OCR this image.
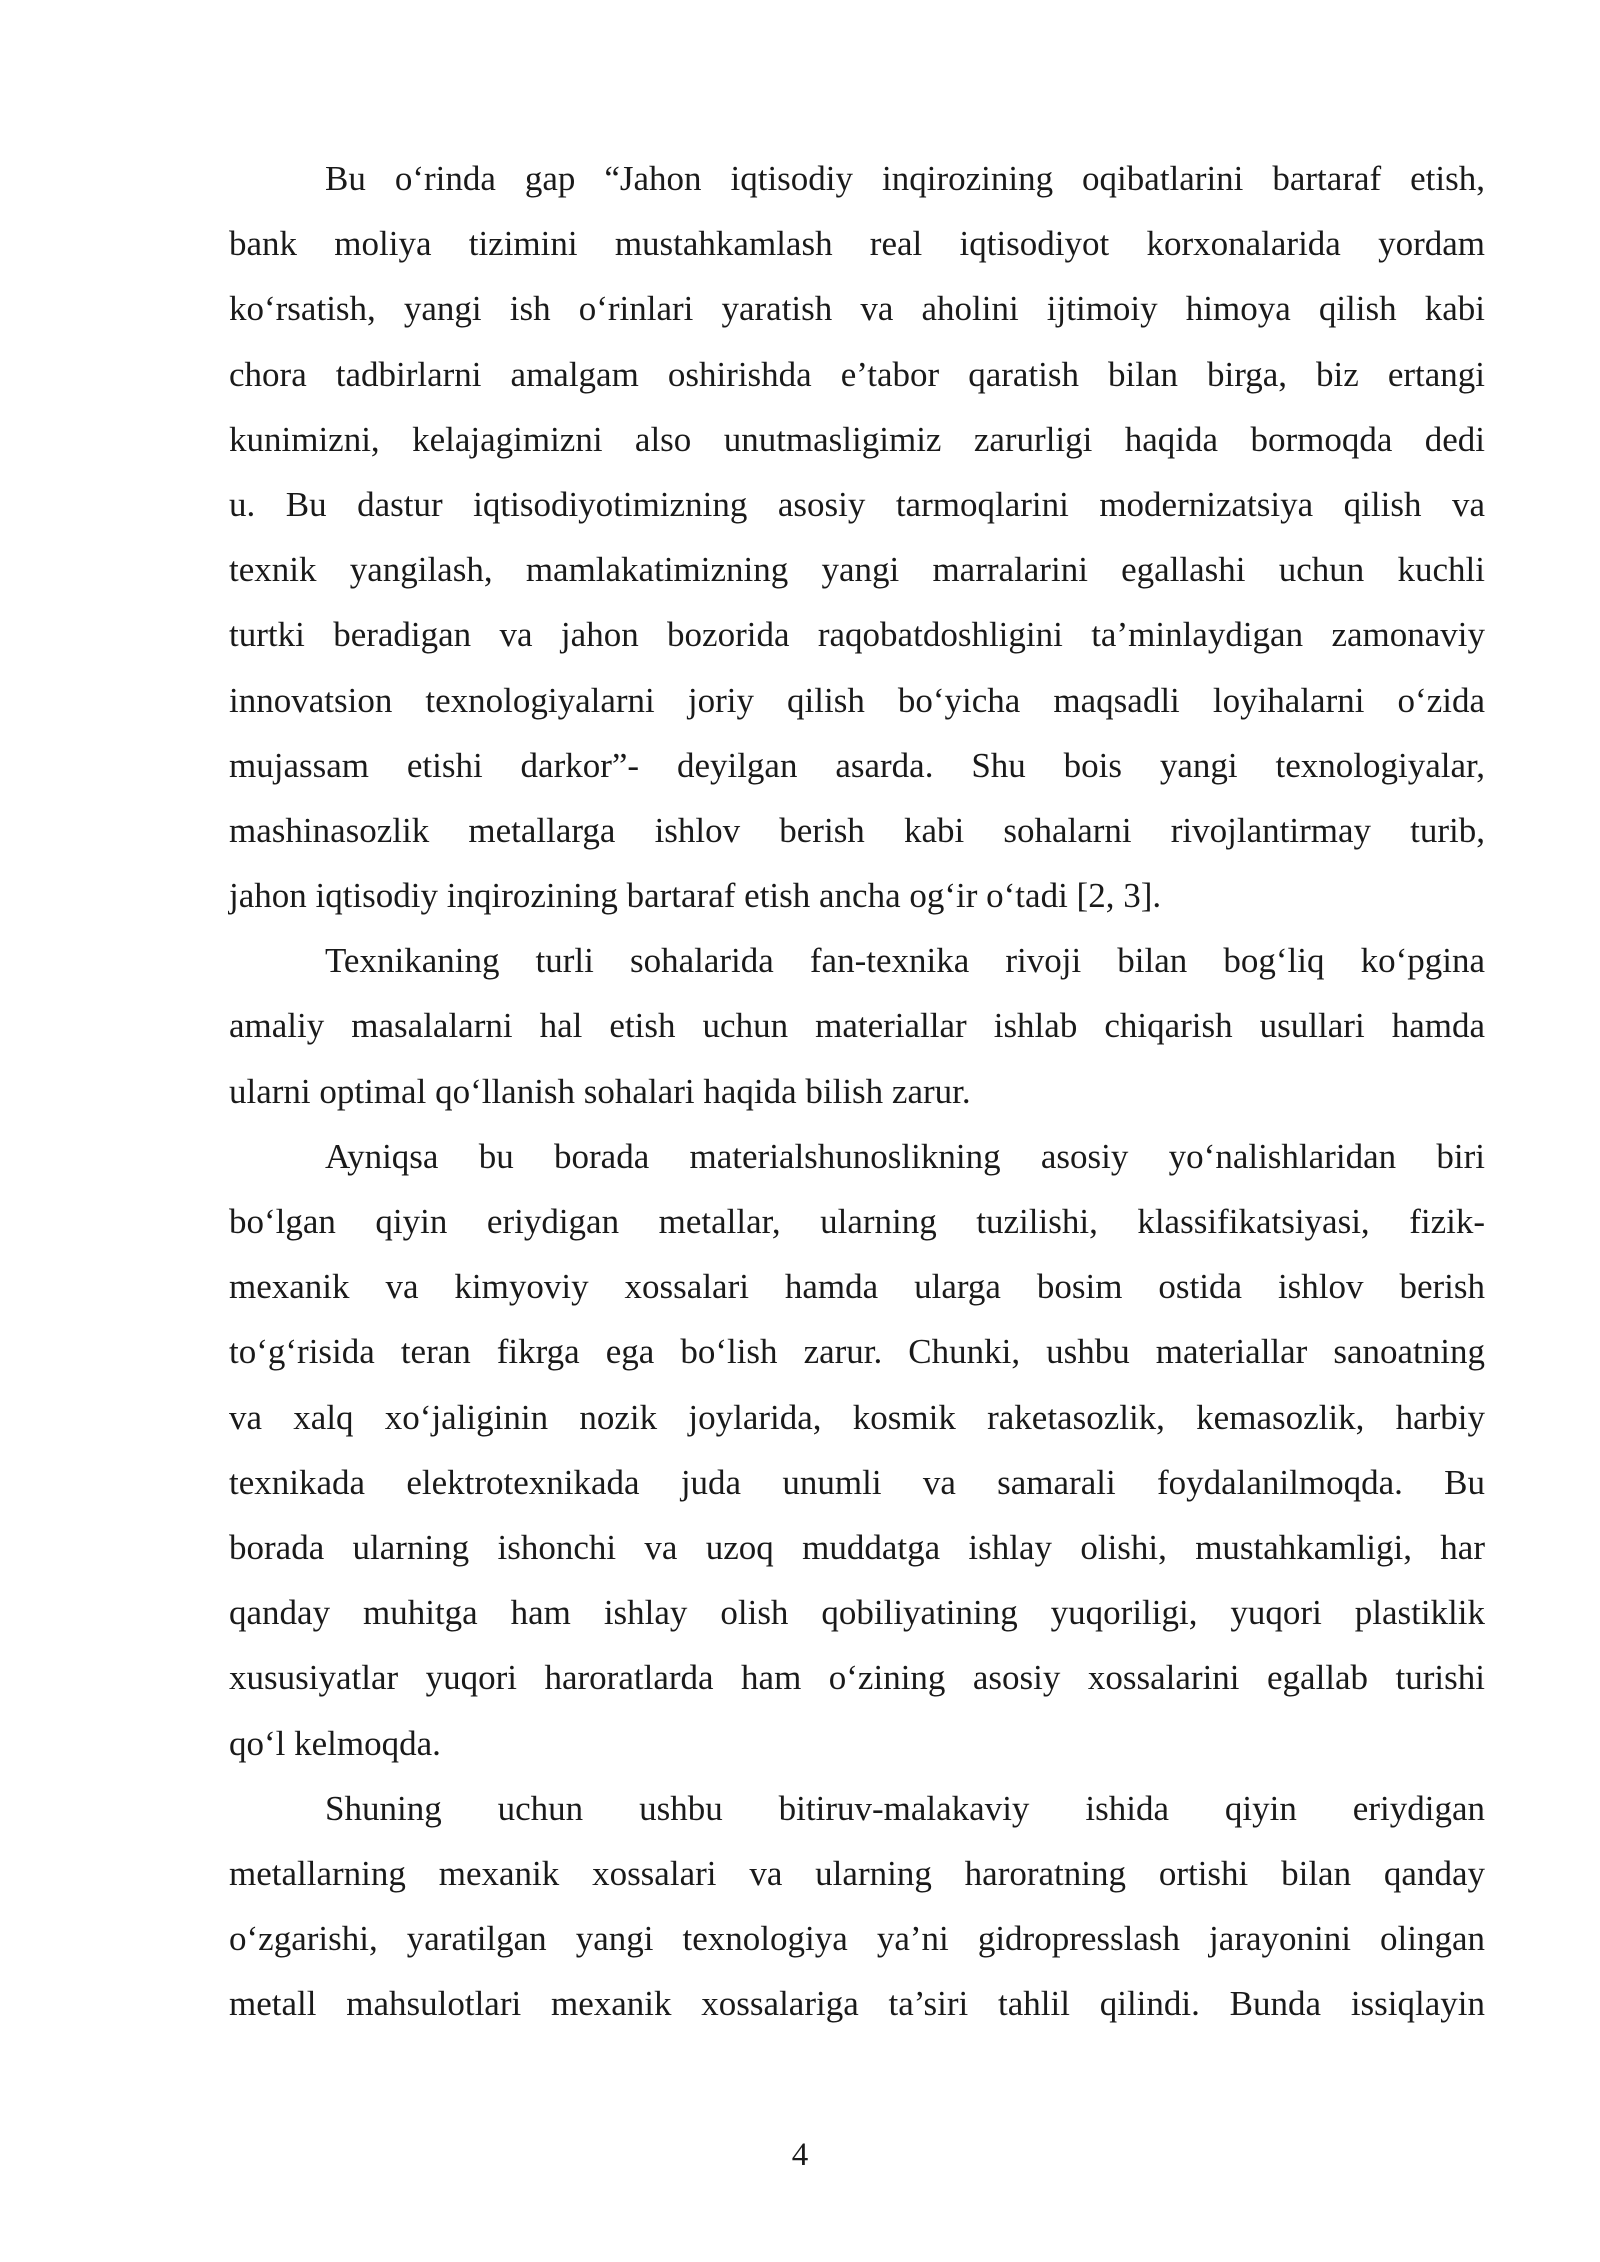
Bu o‘rinda gap “Jahon iqtisodiy inqirozining oqibatlarini bartaraf etish,
bank moliya tizimini mustahkamlash real iqtisodiyot korxonalarida yordam
ko‘rsatish, yangi ish o‘rinlari yaratish va aholini ijtimoiy himoya qilish kabi
chora tadbirlarni amalgam oshirishda e’tabor qaratish bilan birga, biz ertangi
kunimizni, kelajagimizni also unutmasligimiz zarurligi haqida bormoqda dedi
u. Bu dastur iqtisodiyotimizning asosiy tarmoqlarini modernizatsiya qilish va
texnik yangilash, mamlakatimizning yangi marralarini egallashi uchun kuchli
turtki beradigan va jahon bozorida raqobatdoshligini ta’minlaydigan zamonaviy
innovatsion texnologiyalarni joriy qilish bo‘yicha maqsadli loyihalarni o‘zida
mujassam etishi darkor”- deyilgan asarda. Shu bois yangi texnologiyalar,
mashinasozlik metallarga ishlov berish kabi sohalarni rivojlantirmay turib,
jahon iqtisodiy inqirozining bartaraf etish ancha og‘ir o‘tadi [2, 3].
Texnikaning turli sohalarida fan-texnika rivoji bilan bog‘liq ko‘pgina
amaliy masalalarni hal etish uchun materiallar ishlab chiqarish usullari hamda
ularni optimal qo‘llanish sohalari haqida bilish zarur.
Ayniqsa bu borada materialshunoslikning asosiy yo‘nalishlaridan biri
bo‘lgan qiyin eriydigan metallar, ularning tuzilishi, klassifikatsiyasi, fizik-
mexanik va kimyoviy xossalari hamda ularga bosim ostida ishlov berish
to‘g‘risida teran fikrga ega bo‘lish zarur. Chunki, ushbu materiallar sanoatning
va xalq xo‘jaliginin nozik joylarida, kosmik raketasozlik, kemasozlik, harbiy
texnikada elektrotexnikada juda unumli va samarali foydalanilmoqda. Bu
borada ularning ishonchi va uzoq muddatga ishlay olishi, mustahkamligi, har
qanday muhitga ham ishlay olish qobiliyatining yuqoriligi, yuqori plastiklik
xususiyatlar yuqori haroratlarda ham o‘zining asosiy xossalarini egallab turishi
qo‘l kelmoqda.
Shuning uchun ushbu bitiruv-malakaviy ishida qiyin eriydigan
metallarning mexanik xossalari va ularning haroratning ortishi bilan qanday
o‘zgarishi, yaratilgan yangi texnologiya ya’ni gidropresslash jarayonini olingan
metall mahsulotlari mexanik xossalariga ta’siri tahlil qilindi. Bunda issiqlayin
4
